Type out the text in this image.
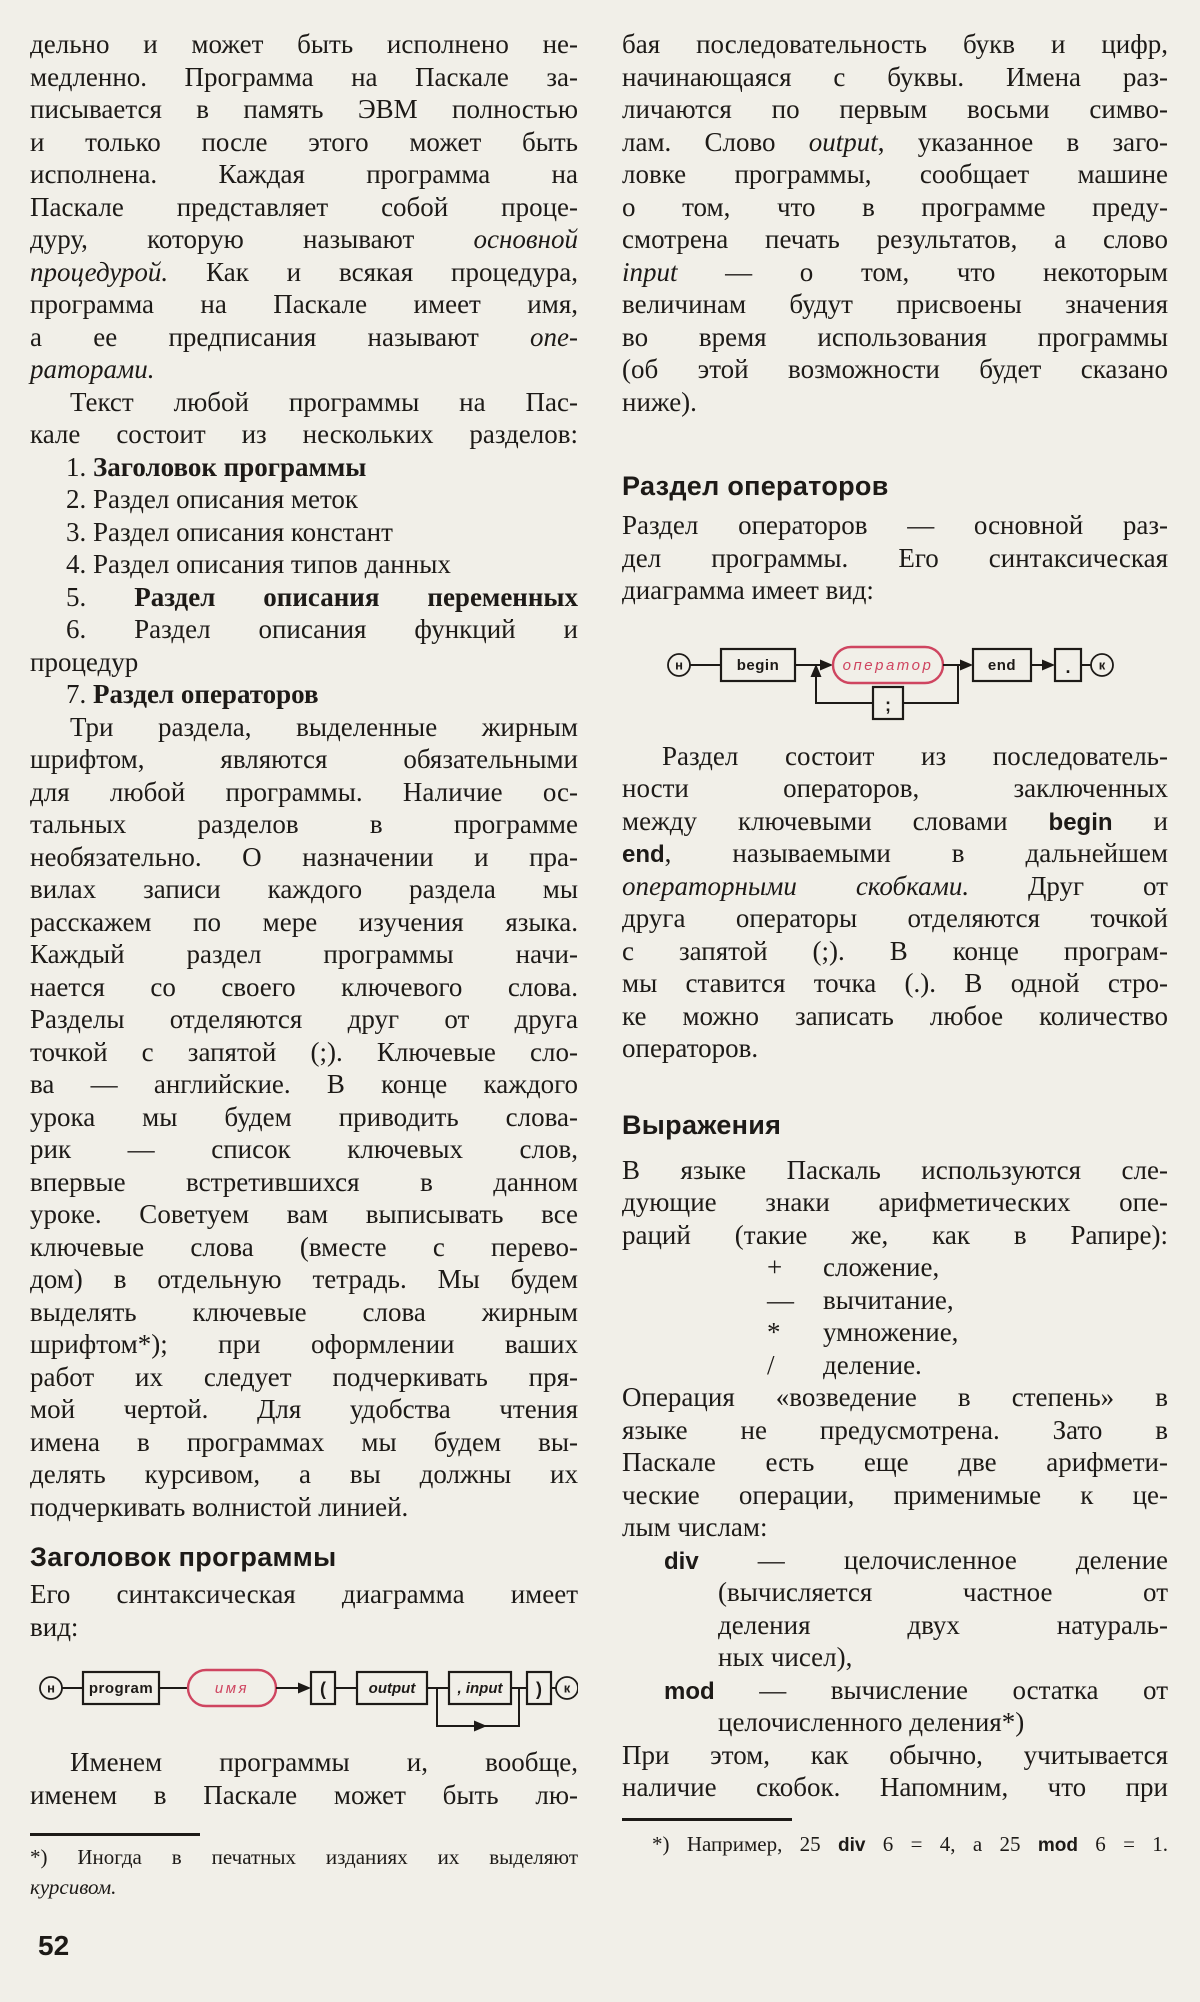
дельно и может быть исполнено не-
медленно. Программа на Паскале за-
писывается в память ЭВМ полностью
и только после этого может быть
исполнена. Каждая программа на
Паскале представляет собой проце-
дуру, которую называют основной
процедурой. Как и всякая процедура,
программа на Паскале имеет имя,
а ее предписания называют опе-
раторами.
Текст любой программы на Пас-
кале состоит из нескольких разделов:
1. Заголовок программы
2. Раздел описания меток
3. Раздел описания констант
4. Раздел описания типов данных
5. Раздел описания переменных
6. Раздел описания функций и
процедур
7. Раздел операторов
Три раздела, выделенные жирным
шрифтом, являются обязательными
для любой программы. Наличие ос-
тальных разделов в программе
необязательно. О назначении и пра-
вилах записи каждого раздела мы
расскажем по мере изучения языка.
Каждый раздел программы начи-
нается со своего ключевого слова.
Разделы отделяются друг от друга
точкой с запятой (;). Ключевые сло-
ва — английские. В конце каждого
урока мы будем приводить слова-
рик — список ключевых слов,
впервые встретившихся в данном
уроке. Советуем вам выписывать все
ключевые слова (вместе с перево-
дом) в отдельную тетрадь. Мы будем
выделять ключевые слова жирным
шрифтом*); при оформлении ваших
работ их следует подчеркивать пря-
мой чертой. Для удобства чтения
имена в программах мы будем вы-
делять курсивом, а вы должны их
подчеркивать волнистой линией.
Заголовок программы
Его синтаксическая диаграмма имеет
вид:
н program	имя	(	output	, input ) к
Именем программы и, вообще,
именем в Паскале может быть лю-
*) Иногда в печатных изданиях их выделяют
курсивом.
52
бая последовательность букв и цифр,
начинающаяся с буквы. Имена раз-
личаются по первым восьми симво-
лам. Слово output, указанное в заго-
ловке программы, сообщает машине
о том, что в программе преду-
смотрена печать результатов, а слово
input — о том, что некоторым
величинам будут присвоены значения
во время использования программы
(об этой возможности будет сказано
ниже).
Раздел операторов
Раздел операторов — основной раз-
дел программы. Его синтаксическая
диаграмма имеет вид:
н	begin	оператор	end	. к
;
Раздел состоит из последователь-
ности операторов, заключенных
между ключевыми словами begin и
end, называемыми в дальнейшем
операторными скобками. Друг от
друга операторы отделяются точкой
с запятой (;). В конце програм-
мы ставится точка (.). В одной стро-
ке можно записать любое количество
операторов.
Выражения
В языке Паскаль используются сле-
дующие знаки арифметических опе-
раций (такие же, как в Рапире):
+ сложение,
— вычитание,
* умножение,
/ деление.
Операция «возведение в степень» в
языке не предусмотрена. Зато в
Паскале есть еще две арифмети-
ческие операции, применимые к це-
лым числам:
div — целочисленное деление
(вычисляется частное от
деления двух натураль-
ных чисел),
mod — вычисление остатка от
целочисленного деления*)
При этом, как обычно, учитывается
наличие скобок. Напомним, что при
*) Например, 25 div 6 = 4, а 25 mod 6 = 1.
